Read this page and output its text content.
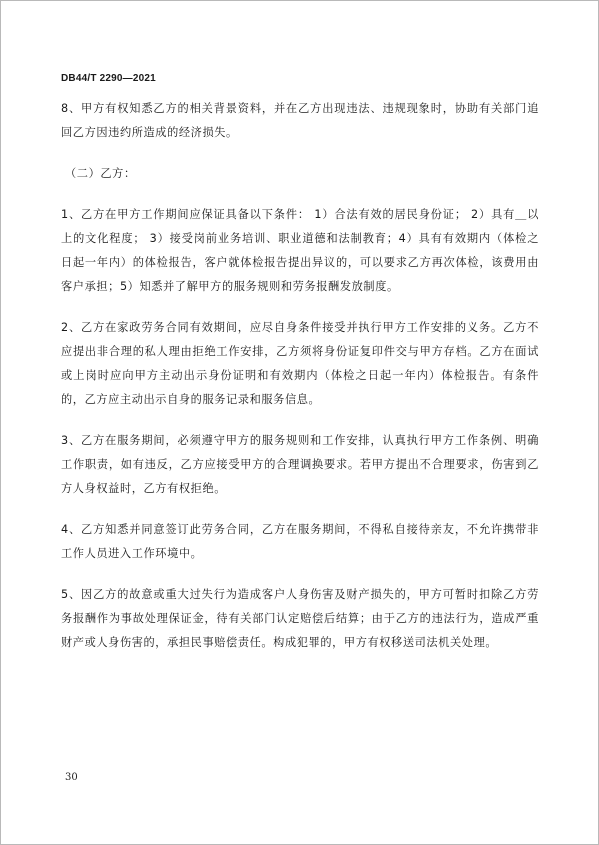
DB44/T 2290—2021

8、甲方有权知悉乙方的相关背景资料，并在乙方出现违法、违规现象时，协助有关部门追回乙方因违约所造成的经济损失。

（二）乙方：

1、乙方在甲方工作期间应保证具备以下条件： 1）合法有效的居民身份证； 2）具有＿以上的文化程度； 3）接受岗前业务培训、职业道德和法制教育；4）具有有效期内（体检之日起一年内）的体检报告，客户就体检报告提出异议的，可以要求乙方再次体检，该费用由客户承担；5）知悉并了解甲方的服务规则和劳务报酬发放制度。

2、乙方在家政劳务合同有效期间，应尽自身条件接受并执行甲方工作安排的义务。乙方不应提出非合理的私人理由拒绝工作安排，乙方须将身份证复印件交与甲方存档。乙方在面试或上岗时应向甲方主动出示身份证明和有效期内（体检之日起一年内）体检报告。有条件的，乙方应主动出示自身的服务记录和服务信息。

3、乙方在服务期间，必须遵守甲方的服务规则和工作安排，认真执行甲方工作条例、明确工作职责，如有违反，乙方应接受甲方的合理调换要求。若甲方提出不合理要求，伤害到乙方人身权益时，乙方有权拒绝。

4、乙方知悉并同意签订此劳务合同，乙方在服务期间，不得私自接待亲友，不允许携带非工作人员进入工作环境中。

5、因乙方的故意或重大过失行为造成客户人身伤害及财产损失的，甲方可暂时扣除乙方劳务报酬作为事故处理保证金，待有关部门认定赔偿后结算；由于乙方的违法行为，造成严重财产或人身伤害的，承担民事赔偿责任。构成犯罪的，甲方有权移送司法机关处理。

30
